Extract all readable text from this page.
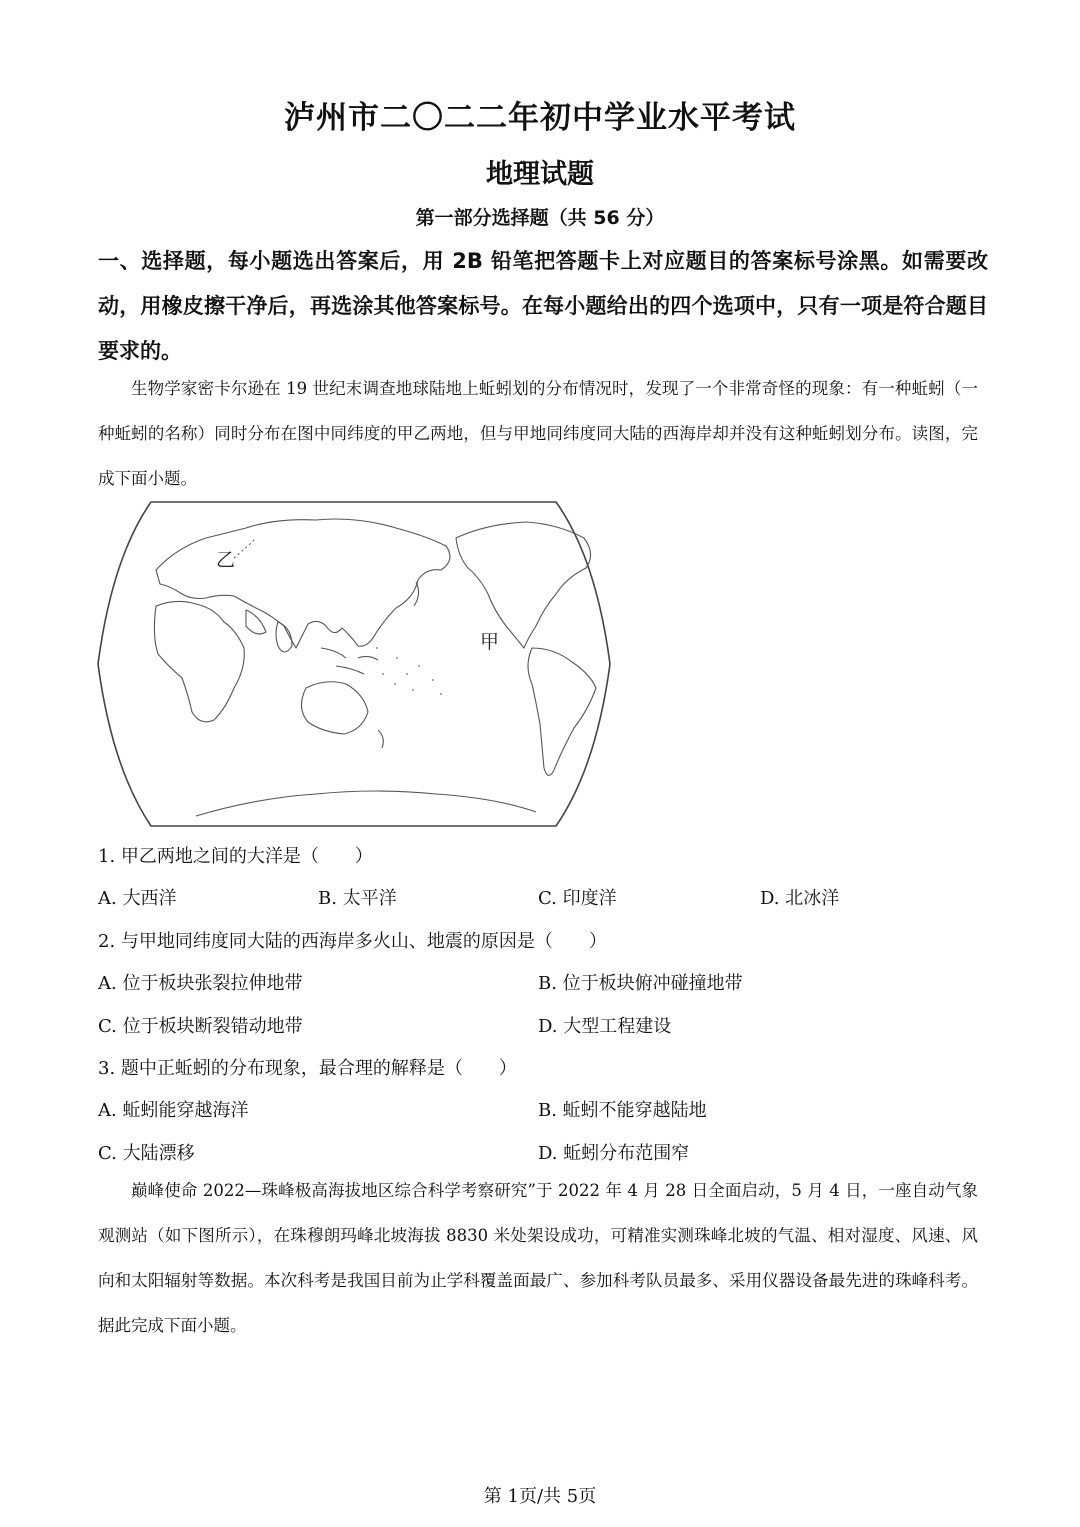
泸州市二〇二二年初中学业水平考试
地理试题
第一部分选择题（共 56 分）
一、选择题，每小题选出答案后，用 2B 铅笔把答题卡上对应题目的答案标号涂黑。如需要改动，用橡皮擦干净后，再选涂其他答案标号。在每小题给出的四个选项中，只有一项是符合题目要求的。
生物学家密卡尔逊在 19 世纪末调查地球陆地上蚯蚓划的分布情况时，发现了一个非常奇怪的现象：有一种蚯蚓（一种蚯蚓的名称）同时分布在图中同纬度的甲乙两地，但与甲地同纬度同大陆的西海岸却并没有这种蚯蚓划分布。读图，完成下面小题。
乙
甲
1. 甲乙两地之间的大洋是（　　）
A. 大西洋	B. 太平洋	C. 印度洋	D. 北冰洋
2. 与甲地同纬度同大陆的西海岸多火山、地震的原因是（　　）
A. 位于板块张裂拉伸地带	B. 位于板块俯冲碰撞地带
C. 位于板块断裂错动地带	D. 大型工程建设
3. 题中正蚯蚓的分布现象，最合理的解释是（　　）
A. 蚯蚓能穿越海洋	B. 蚯蚓不能穿越陆地
C. 大陆漂移	D. 蚯蚓分布范围窄
巅峰使命 2022—珠峰极高海拔地区综合科学考察研究”于 2022 年 4 月 28 日全面启动，5 月 4 日，一座自动气象观测站（如下图所示），在珠穆朗玛峰北坡海拔 8830 米处架设成功，可精准实测珠峰北坡的气温、相对湿度、风速、风向和太阳辐射等数据。本次科考是我国目前为止学科覆盖面最广、参加科考队员最多、采用仪器设备最先进的珠峰科考。据此完成下面小题。
第 1页/共 5页
